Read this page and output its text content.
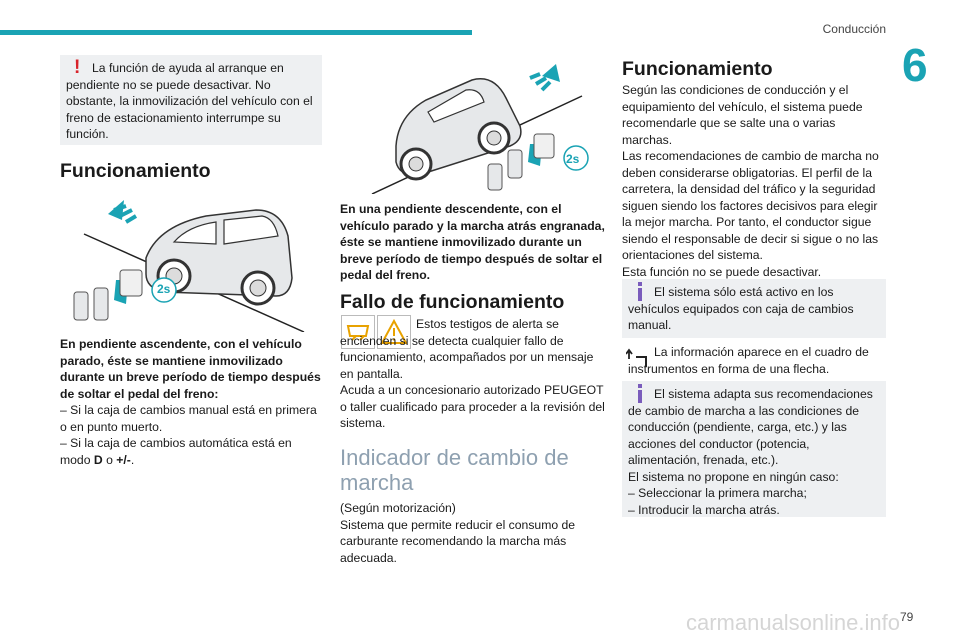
Conducción
6
! La función de ayuda al arranque en pendiente no se puede desactivar. No obstante, la inmovilización del vehículo con el freno de estacionamiento interrumpe su función.

Funcionamiento
2s

En pendiente ascendente, con el vehículo parado, éste se mantiene inmovilizado durante un breve período de tiempo después de soltar el pedal del freno:

– Si la caja de cambios manual está en primera o en punto muerto.

– Si la caja de cambios automática está en modo D o +/-.

2s

En una pendiente descendente, con el vehículo parado y la marcha atrás engranada, éste se mantiene inmovilizado durante un breve período de tiempo después de soltar el pedal del freno.

Fallo de funcionamiento

Estos testigos de alerta se encienden si se detecta cualquier fallo de funcionamiento, acompañados por un mensaje en pantalla.

Acuda a un concesionario autorizado PEUGEOT o taller cualificado para proceder a la revisión del sistema.

Indicador de cambio de marcha

(Según motorización)

Sistema que permite reducir el consumo de carburante recomendando la marcha más adecuada.

Funcionamiento

Según las condiciones de conducción y el equipamiento del vehículo, el sistema puede recomendarle que se salte una o varias marchas.

Las recomendaciones de cambio de marcha no deben considerarse obligatorias. El perfil de la carretera, la densidad del tráfico y la seguridad siguen siendo los factores decisivos para elegir la mejor marcha. Por tanto, el conductor sigue siendo el responsable de decir si sigue o no las orientaciones del sistema.

Esta función no se puede desactivar.

El sistema sólo está activo en los vehículos equipados con caja de cambios manual.

La información aparece en el cuadro de instrumentos en forma de una flecha.

El sistema adapta sus recomendaciones de cambio de marcha a las condiciones de conducción (pendiente, carga, etc.) y las acciones del conductor (potencia, alimentación, frenada, etc.).

El sistema no propone en ningún caso:

– Seleccionar la primera marcha;

– Introducir la marcha atrás.

79
carmanualsonline.info
